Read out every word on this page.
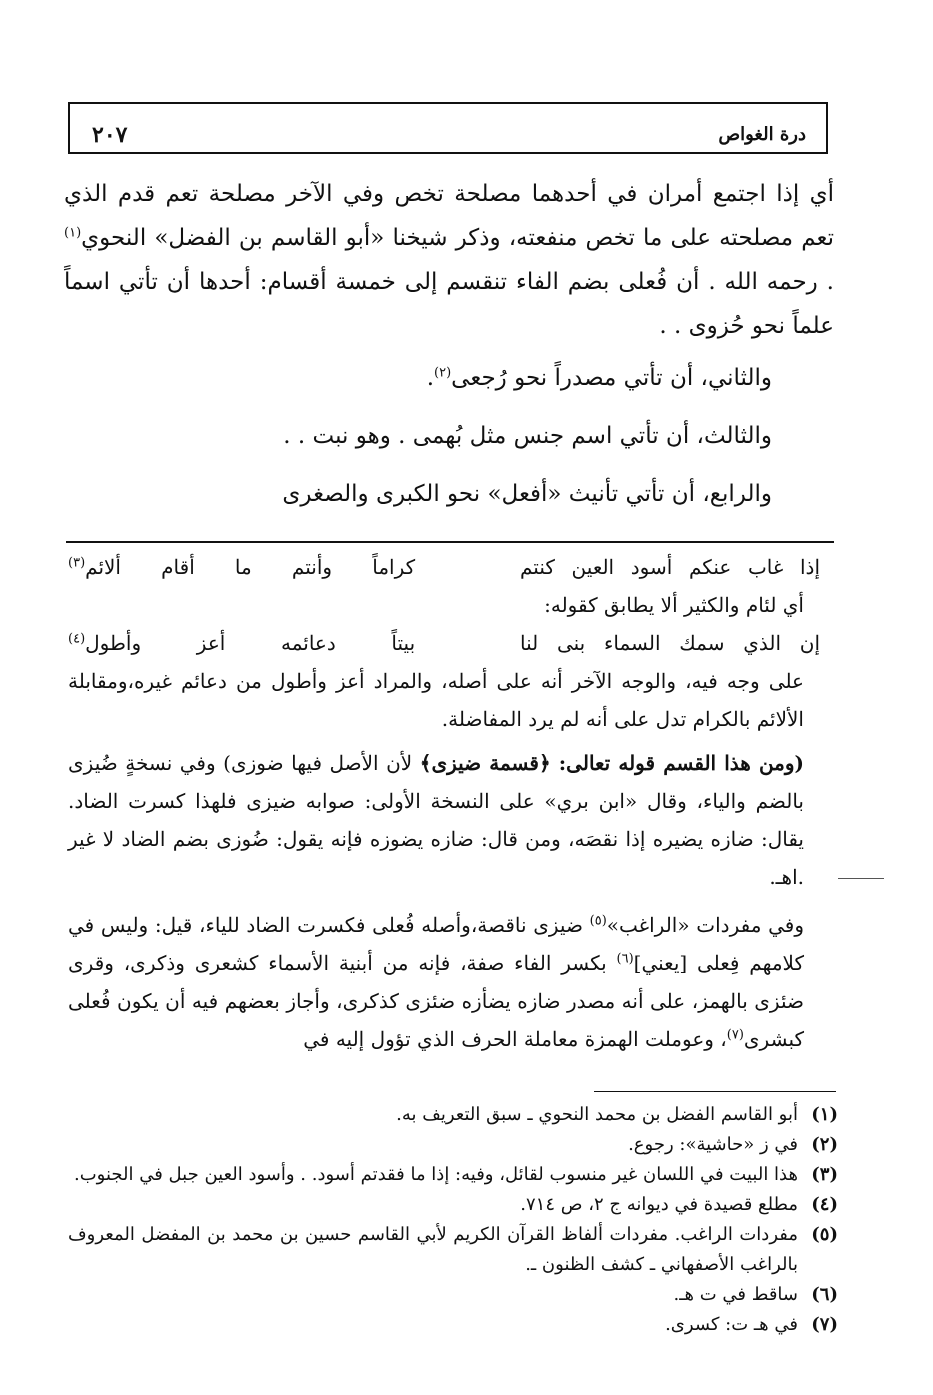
درة الغواص
٢٠٧

أي إذا اجتمع أمران في أحدهما مصلحة تخص وفي الآخر مصلحة تعم قدم الذي تعم مصلحته على ما تخص منفعته، وذكر شيخنا «أبو القاسم بن الفضل» النحوي$^{(١)}$ . رحمه الله . أن فُعلى بضم الفاء تنقسم إلى خمسة أقسام: أحدها أن تأتي اسماً علماً نحو حُزوى . .

والثاني، أن تأتي مصدراً نحو رُجعى$^{(٢)}$.

والثالث، أن تأتي اسم جنس مثل بُهمى . وهو نبت . .

والرابع، أن تأتي تأنيث «أفعل» نحو الكبرى والصغرى

إذا غاب عنكم أسود العين كنتم
كراماً وأنتم ما أقام ألائم$^{(٣)}$

أي لئام والكثير ألا يطابق كقوله:

إن الذي سمك السماء بنى لنا
بيتاً دعائمه أعز وأطول$^{(٤)}$

على وجه فيه، والوجه الآخر أنه على أصله، والمراد أعز وأطول من دعائم غيره،ومقابلة الألائم بالكرام تدل على أنه لم يرد المفاضلة.

(ومن هذا القسم قوله تعالى: ﴿قسمة ضيزى﴾ لأن الأصل فيها ضوزى) وفي نسخةٍ ضُيزى بالضم والياء، وقال «ابن بري» على النسخة الأولى: صوابه ضيزى فلهذا كسرت الضاد. يقال: ضازه يضيره إذا نقصَه، ومن قال: ضازه يضوزه فإنه يقول: ضُوزى بضم الضاد لا غير .اهـ.

وفي مفردات «الراغب»$^{(٥)}$ ضيزى ناقصة،وأصله فُعلى فكسرت الضاد للياء، قيل: وليس في كلامهم فِعلى [يعني]$^{(٦)}$ بكسر الفاء صفة، فإنه من أبنية الأسماء كشعرى وذكرى، وقرى ضئزى بالهمز، على أنه مصدر ضازه يضأزه ضئزى كذكرى، وأجاز بعضهم فيه أن يكون فُعلى كبشرى$^{(٧)}$، وعوملت الهمزة معاملة الحرف الذي تؤول إليه في

(١)
أبو القاسم الفضل بن محمد النحوي ـ سبق التعريف به.
(٢)
في ز «حاشية»: رجوع.
(٣)
هذا البيت في اللسان غير منسوب لقائل، وفيه: إذا ما فقدتم أسود. . وأسود العين جبل في الجنوب.
(٤)
مطلع قصيدة في ديوانه ج ٢، ص ٧١٤.
(٥)
مفردات الراغب. مفردات ألفاظ القرآن الكريم لأبي القاسم حسين بن محمد بن المفضل المعروف بالراغب الأصفهاني ـ كشف الظنون ـ.
(٦)
ساقط في ت هـ.
(٧)
في هـ ت: كسرى.
